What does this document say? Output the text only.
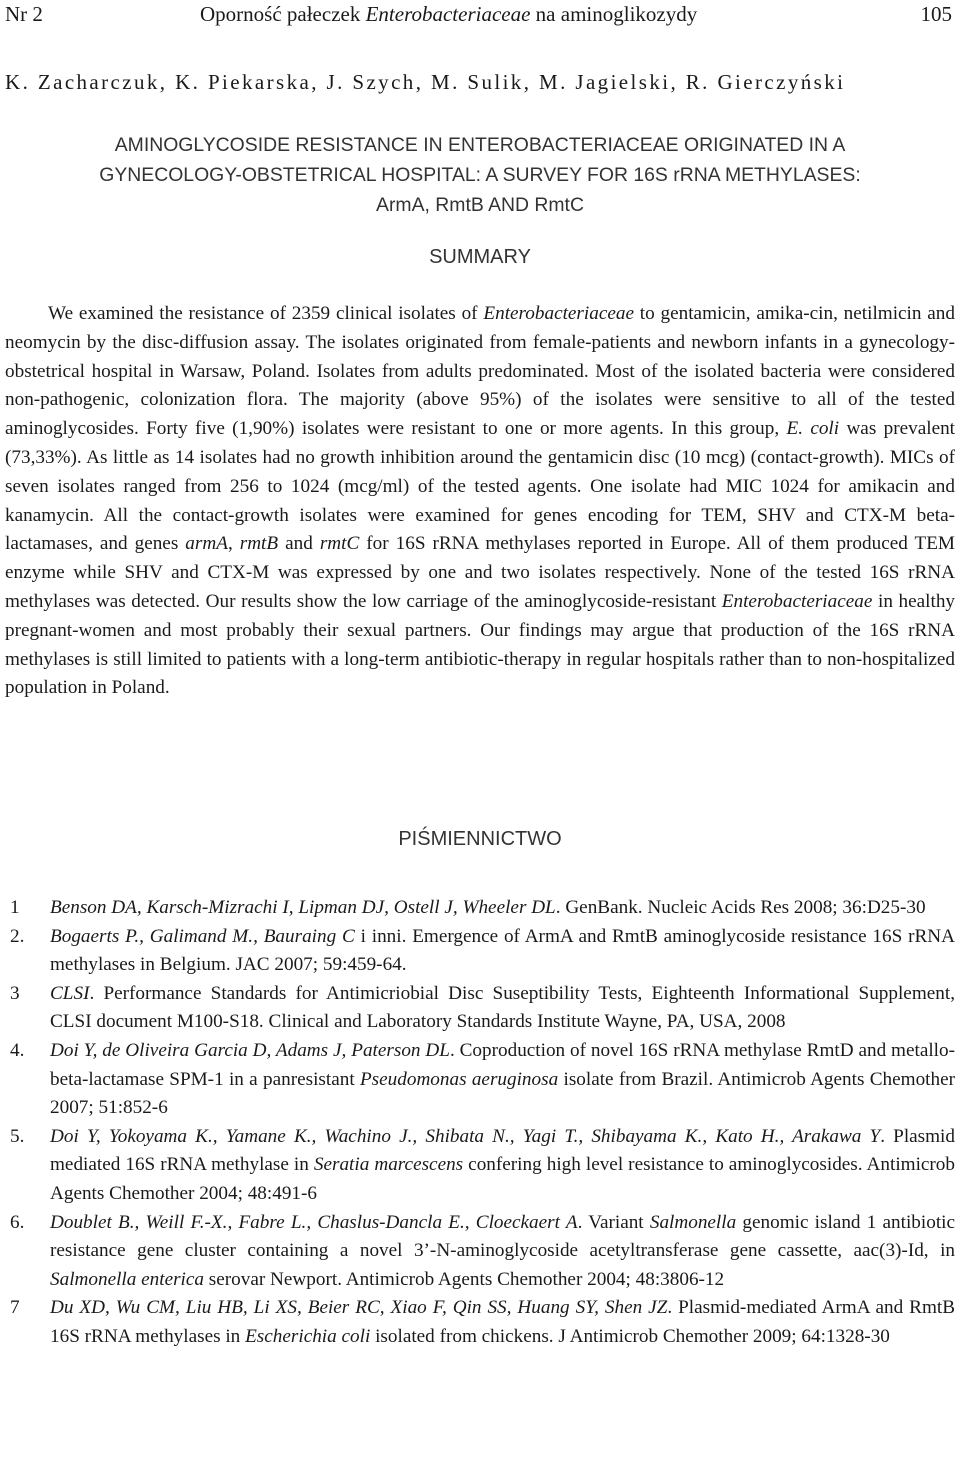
Nr 2	Oporność pałeczek Enterobacteriaceae na aminoglikozydy	105
K. Zacharczuk, K. Piekarska, J. Szych, M. Sulik, M. Jagielski, R. Gierczyński
AMINOGLYCOSIDE RESISTANCE IN ENTEROBACTERIACEAE ORIGINATED IN A
GYNECOLOGY-OBSTETRICAL HOSPITAL: A SURVEY FOR 16S rRNA METHYLASES:
ArmA, RmtB AND RmtC
SUMMARY

We examined the resistance of 2359 clinical isolates of Enterobacteriaceae to gentamicin, amika-cin, netilmicin and neomycin by the disc-diffusion assay. The isolates originated from female-patients and newborn infants in a gynecology-obstetrical hospital in Warsaw, Poland. Isolates from adults predominated. Most of the isolated bacteria were considered non-pathogenic, colonization flora. The majority (above 95%) of the isolates were sensitive to all of the tested aminoglycosides. Forty five (1,90%) isolates were resistant to one or more agents. In this group, E. coli was prevalent (73,33%). As little as 14 isolates had no growth inhibition around the gentamicin disc (10 mcg) (contact-growth). MICs of seven isolates ranged from 256 to 1024 (mcg/ml) of the tested agents. One isolate had MIC 1024 for amikacin and kanamycin. All the contact-growth isolates were examined for genes encoding for TEM, SHV and CTX-M beta-lactamases, and genes armA, rmtB and rmtC for 16S rRNA methylases reported in Europe. All of them produced TEM enzyme while SHV and CTX-M was expressed by one and two isolates respectively. None of the tested 16S rRNA methylases was detected. Our results show the low carriage of the aminoglycoside-resistant Enterobacteriaceae in healthy pregnant-women and most probably their sexual partners. Our findings may argue that production of the 16S rRNA methylases is still limited to patients with a long-term antibiotic-therapy in regular hospitals rather than to non-hospitalized population in Poland.

PIŚMIENNICTWO
1 Benson DA, Karsch-Mizrachi I, Lipman DJ, Ostell J, Wheeler DL. GenBank. Nucleic Acids Res 2008; 36:D25-30
2. Bogaerts P., Galimand M., Bauraing C i inni. Emergence of ArmA and RmtB aminoglycoside resistance 16S rRNA methylases in Belgium. JAC 2007; 59:459-64.
3 CLSI. Performance Standards for Antimicriobial Disc Suseptibility Tests, Eighteenth Informational Supplement, CLSI document M100-S18. Clinical and Laboratory Standards Institute Wayne, PA, USA, 2008
4. Doi Y, de Oliveira Garcia D, Adams J, Paterson DL. Coproduction of novel 16S rRNA methylase RmtD and metallo-beta-lactamase SPM-1 in a panresistant Pseudomonas aeruginosa isolate from Brazil. Antimicrob Agents Chemother 2007; 51:852-6
5. Doi Y, Yokoyama K., Yamane K., Wachino J., Shibata N., Yagi T., Shibayama K., Kato H., Arakawa Y. Plasmid mediated 16S rRNA methylase in Seratia marcescens confering high level resistance to aminoglycosides. Antimicrob Agents Chemother 2004; 48:491-6
6. Doublet B., Weill F.-X., Fabre L., Chaslus-Dancla E., Cloeckaert A. Variant Salmonella genomic island 1 antibiotic resistance gene cluster containing a novel 3’-N-aminoglycoside acetyltransferase gene cassette, aac(3)-Id, in Salmonella enterica serovar Newport. Antimicrob Agents Chemother 2004; 48:3806-12
7 Du XD, Wu CM, Liu HB, Li XS, Beier RC, Xiao F, Qin SS, Huang SY, Shen JZ. Plasmid-mediated ArmA and RmtB 16S rRNA methylases in Escherichia coli isolated from chickens. J Antimicrob Chemother 2009; 64:1328-30
